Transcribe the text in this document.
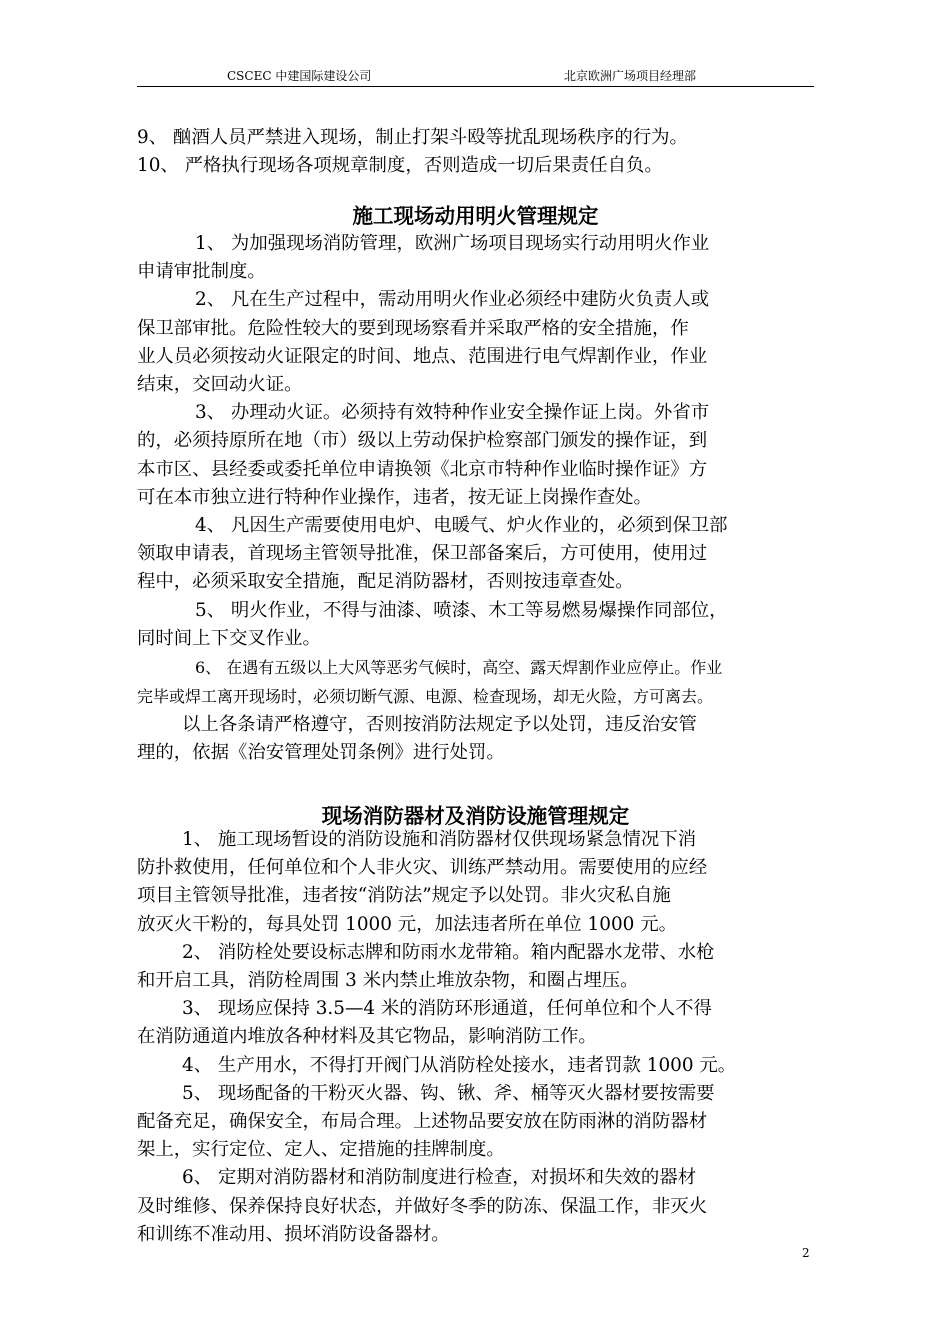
CSCEC 中建国际建设公司	北京欧洲广场项目经理部

9、 酗酒人员严禁进入现场，制止打架斗殴等扰乱现场秩序的行为。

10、 严格执行现场各项规章制度，否则造成一切后果责任自负。

施工现场动用明火管理规定

1、 为加强现场消防管理，欧洲广场项目现场实行动用明火作业

申请审批制度。

2、 凡在生产过程中，需动用明火作业必须经中建防火负责人或

保卫部审批。危险性较大的要到现场察看并采取严格的安全措施，作

业人员必须按动火证限定的时间、地点、范围进行电气焊割作业，作业

结束，交回动火证。

3、 办理动火证。必须持有效特种作业安全操作证上岗。外省市

的，必须持原所在地（市）级以上劳动保护检察部门颁发的操作证，到

本市区、县经委或委托单位申请换领《北京市特种作业临时操作证》方

可在本市独立进行特种作业操作，违者，按无证上岗操作查处。

4、 凡因生产需要使用电炉、电暖气、炉火作业的，必须到保卫部

领取申请表，首现场主管领导批准，保卫部备案后，方可使用，使用过

程中，必须采取安全措施，配足消防器材，否则按违章查处。

5、 明火作业，不得与油漆、喷漆、木工等易燃易爆操作同部位，

同时间上下交叉作业。

6、 在遇有五级以上大风等恶劣气候时，高空、露天焊割作业应停止。作业

完毕或焊工离开现场时，必须切断气源、电源、检查现场，却无火险，方可离去。

以上各条请严格遵守，否则按消防法规定予以处罚，违反治安管

理的，依据《治安管理处罚条例》进行处罚。

现场消防器材及消防设施管理规定

1、 施工现场暂设的消防设施和消防器材仅供现场紧急情况下消

防扑救使用，任何单位和个人非火灾、训练严禁动用。需要使用的应经

项目主管领导批准，违者按“消防法”规定予以处罚。非火灾私自施

放灭火干粉的，每具处罚 1000 元，加法违者所在单位 1000 元。

2、 消防栓处要设标志牌和防雨水龙带箱。箱内配器水龙带、水枪

和开启工具，消防栓周围 3 米内禁止堆放杂物，和圈占埋压。

3、 现场应保持 3.5—4 米的消防环形通道，任何单位和个人不得

在消防通道内堆放各种材料及其它物品，影响消防工作。

4、 生产用水，不得打开阀门从消防栓处接水，违者罚款 1000 元。

5、 现场配备的干粉灭火器、钩、锹、斧、桶等灭火器材要按需要

配备充足，确保安全，布局合理。上述物品要安放在防雨淋的消防器材

架上，实行定位、定人、定措施的挂牌制度。

6、 定期对消防器材和消防制度进行检查，对损坏和失效的器材

及时维修、保养保持良好状态，并做好冬季的防冻、保温工作，非灭火

和训练不准动用、损坏消防设备器材。

2
